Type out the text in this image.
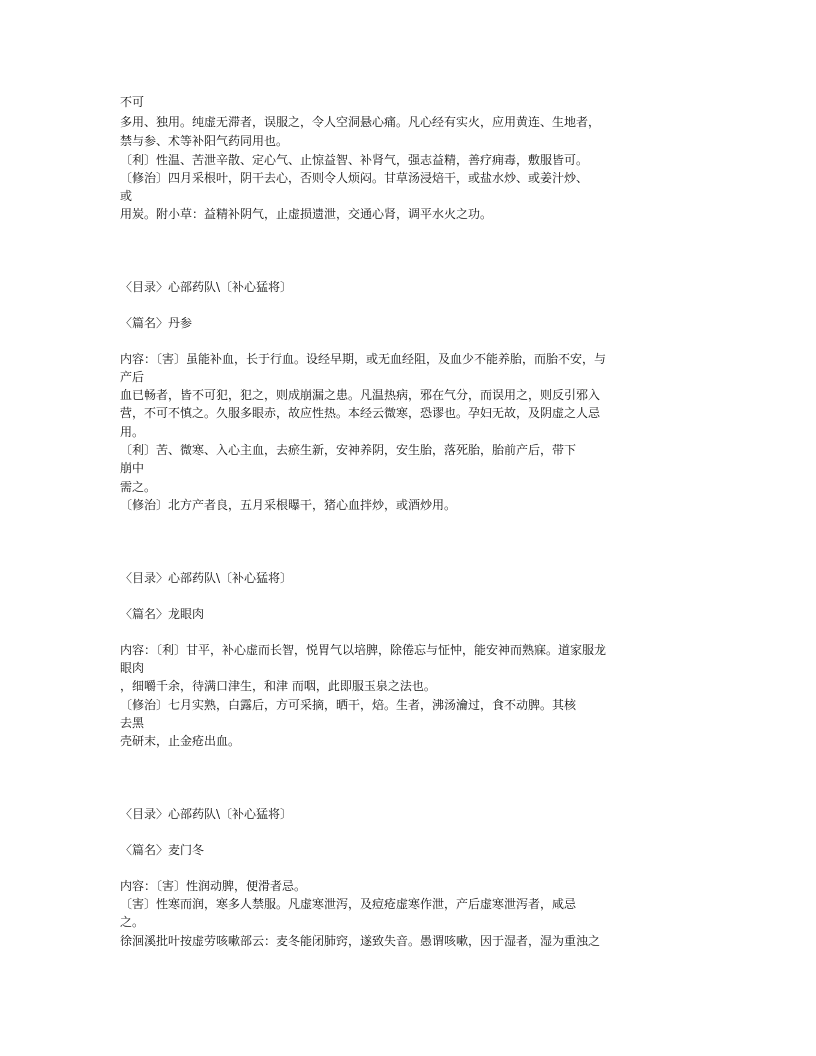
不可
多用、独用。纯虚无滞者，误服之，令人空洞悬心痛。凡心经有实火，应用黄连、生地者，
禁与参、术等补阳气药同用也。
〔利〕性温、苦泄辛散、定心气、止惊益智、补肾气，强志益精，善疗痈毒，敷服皆可。
〔修治〕四月采根叶，阴干去心，否则令人烦闷。甘草汤浸焙干，或盐水炒、或姜汁炒、
或
用炭。附小草：益精补阴气，止虚损遗泄，交通心肾，调平水火之功。
〈目录〉心部药队\〔补心猛将〕
〈篇名〉丹参
内容：〔害〕虽能补血，长于行血。设经早期，或无血经阻，及血少不能养胎，而胎不安，与
产后
血已畅者，皆不可犯，犯之，则成崩漏之患。凡温热病，邪在气分，而误用之，则反引邪入
营，不可不慎之。久服多眼赤，故应性热。本经云微寒，恐谬也。孕妇无故，及阴虚之人忌
用。
〔利〕苦、微寒、入心主血，去瘀生新，安神养阴，安生胎，落死胎，胎前产后，带下
崩中
需之。
〔修治〕北方产者良，五月采根曝干，猪心血拌炒，或酒炒用。
〈目录〉心部药队\〔补心猛将〕
〈篇名〉龙眼肉
内容：〔利〕甘平，补心虚而长智，悦胃气以培脾，除倦忘与怔忡，能安神而熟寐。道家服龙
眼肉
，细嚼千余，待满口津生，和津 而咽，此即服玉泉之法也。
〔修治〕七月实熟，白露后，方可采摘，晒干，焙。生者，沸汤瀹过，食不动脾。其核
去黑
壳研末，止金疮出血。
〈目录〉心部药队\〔补心猛将〕
〈篇名〉麦门冬
内容：〔害〕性润动脾，便滑者忌。
〔害〕性寒而润，寒多人禁服。凡虚寒泄泻，及痘疮虚寒作泄，产后虚寒泄泻者，咸忌
之。
徐洄溪批叶按虚劳咳嗽部云：麦冬能闭肺窍，遂致失音。愚谓咳嗽，因于湿者，湿为重浊之
